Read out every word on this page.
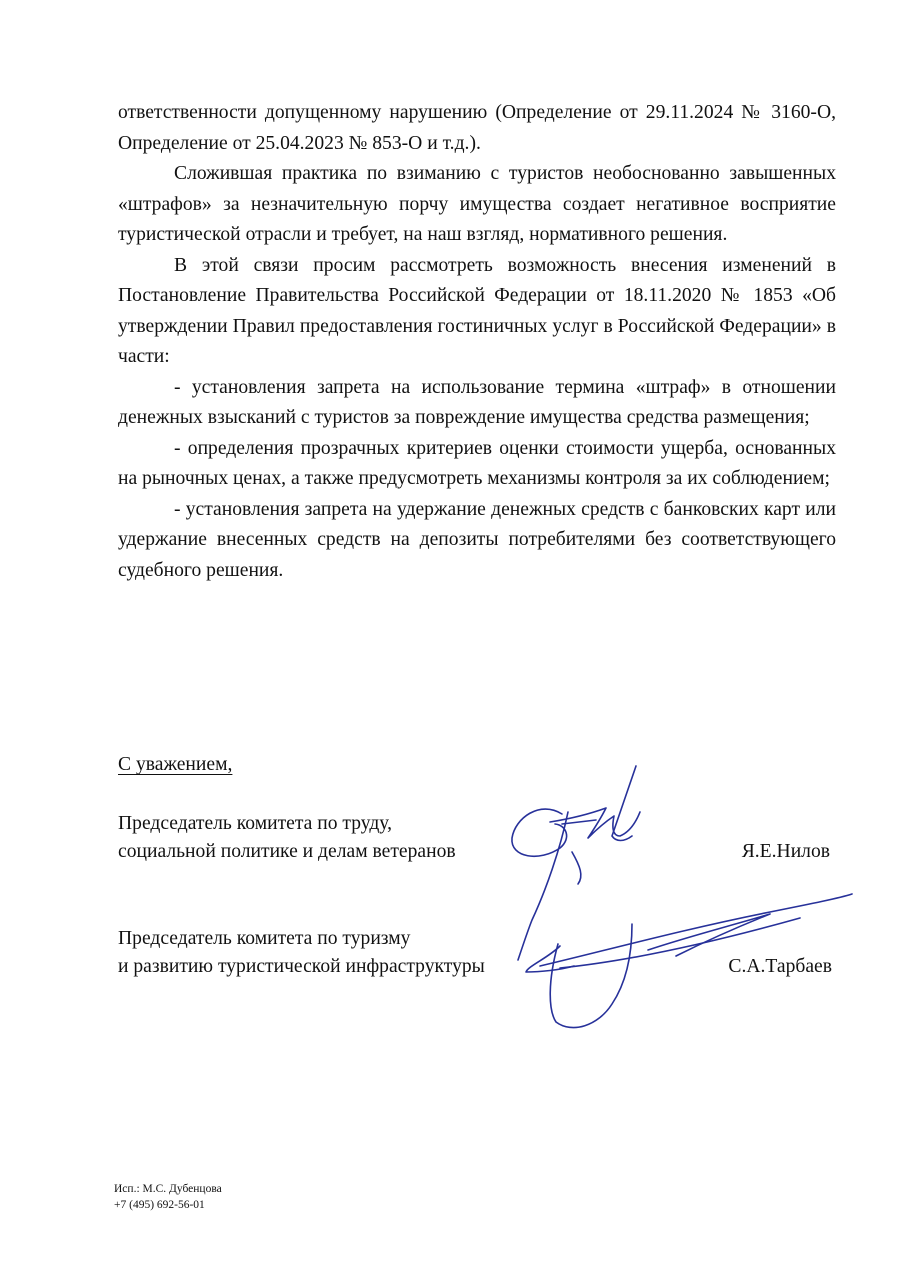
ответственности допущенному нарушению (Определение от 29.11.2024 № 3160-О, Определение от 25.04.2023 № 853-О и т.д.).

Сложившая практика по взиманию с туристов необоснованно завышенных «штрафов» за незначительную порчу имущества создает негативное восприятие туристической отрасли и требует, на наш взгляд, нормативного решения.

В этой связи просим рассмотреть возможность внесения изменений в Постановление Правительства Российской Федерации от 18.11.2020 № 1853 «Об утверждении Правил предоставления гостиничных услуг в Российской Федерации» в части:

- установления запрета на использование термина «штраф» в отношении денежных взысканий с туристов за повреждение имущества средства размещения;

- определения прозрачных критериев оценки стоимости ущерба, основанных на рыночных ценах, а также предусмотреть механизмы контроля за их соблюдением;

- установления запрета на удержание денежных средств с банковских карт или удержание внесенных средств на депозиты потребителями без соответствующего судебного решения.

С уважением,
Председатель комитета по труду,
социальной политике и делам ветеранов	Я.Е.Нилов
Председатель комитета по туризму
и развитию туристической инфраструктуры	С.А.Тарбаев
Исп.: М.С. Дубенцова
+7 (495) 692-56-01
